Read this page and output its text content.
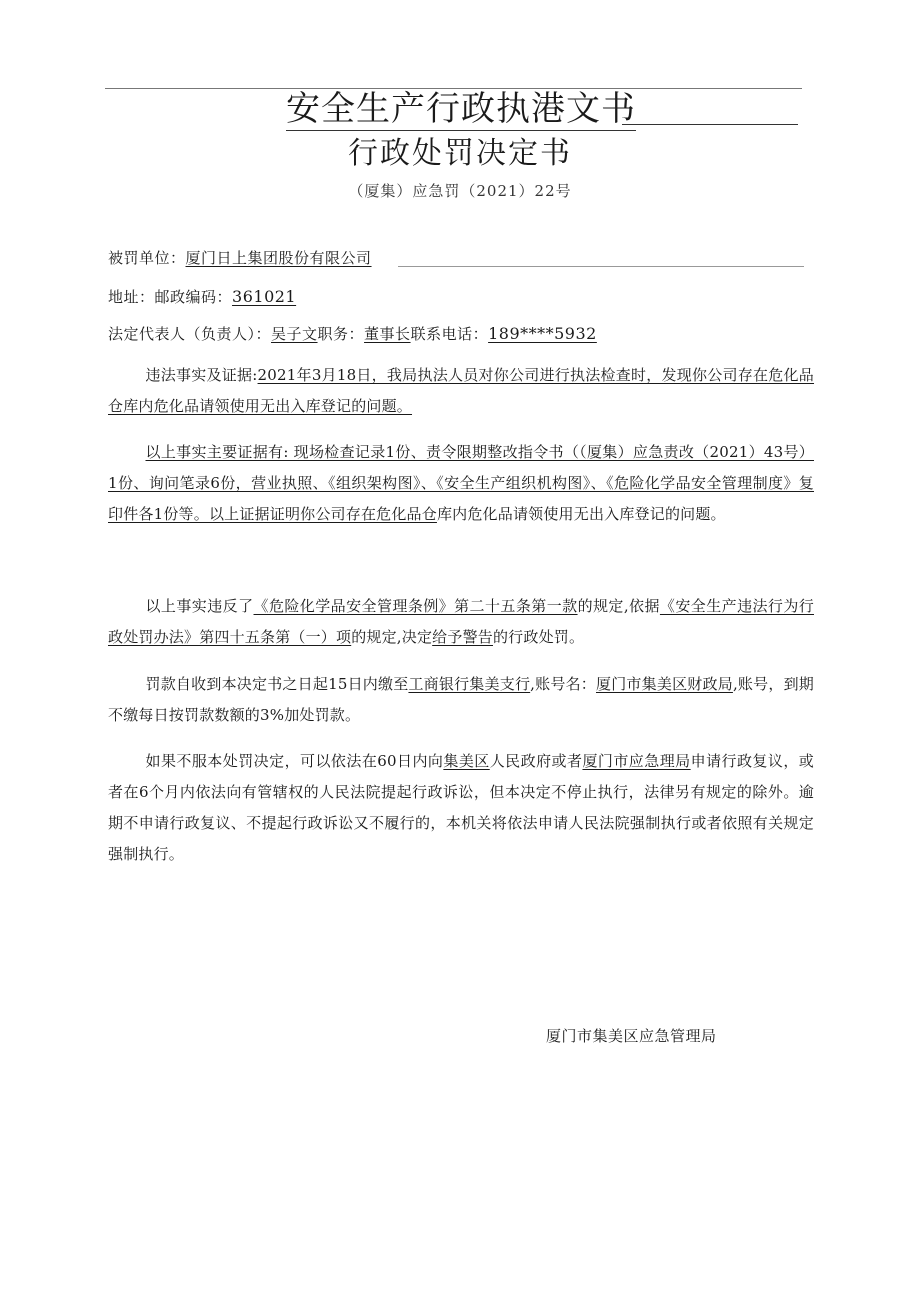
安全生产行政执港文书
行政处罚决定书
（厦集）应急罚（2021）22号
被罚单位：厦门日上集团股份有限公司
地址：邮政编码：361021
法定代表人（负责人）：吴子文职务：董事长联系电话：189****5932
违法事实及证据:2021年3月18日，我局执法人员对你公司进行执法检查时，发现你公司存在危化品仓库内危化品请领使用无出入库登记的问题。
以上事实主要证据有: 现场检查记录1份、责令限期整改指令书（（厦集）应急责改（2021）43号）1份、询问笔录6份，营业执照、《组织架构图》、《安全生产组织机构图》、《危险化学品安全管理制度》复印件各1份等。以上证据证明你公司存在危化品仓库内危化品请领使用无出入库登记的问题。
以上事实违反了《危险化学品安全管理条例》第二十五条第一款的规定,依据《安全生产违法行为行政处罚办法》第四十五条第（一）项的规定,决定给予警告的行政处罚。
罚款自收到本决定书之日起15日内缴至工商银行集美支行,账号名：厦门市集美区财政局,账号，到期不缴每日按罚款数额的3%加处罚款。
如果不服本处罚决定，可以依法在60日内向集美区人民政府或者厦门市应急理局申请行政复议，或者在6个月内依法向有管辖权的人民法院提起行政诉讼，但本决定不停止执行，法律另有规定的除外。逾期不申请行政复议、不提起行政诉讼又不履行的，本机关将依法申请人民法院强制执行或者依照有关规定强制执行。
厦门市集美区应急管理局
